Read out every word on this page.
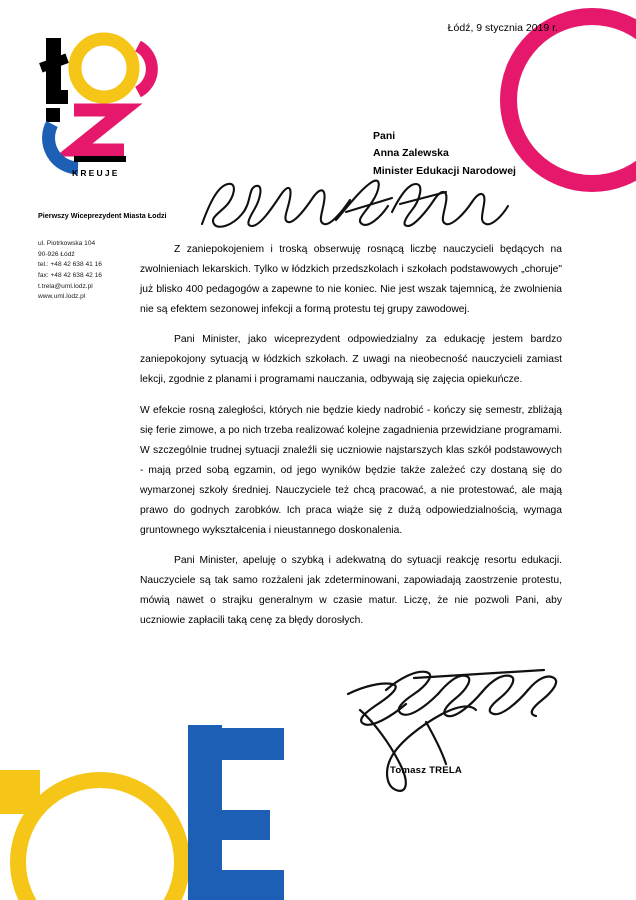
KREUJE
Łódź, 9 stycznia 2019 r.
Pierwszy Wiceprezydent Miasta Łodzi
ul. Piotrkowska 104
90-926 Łódź
tel.: +48 42 638 41 16
fax: +48 42 638 42 16
t.trela@uml.lodz.pl
www.uml.lodz.pl
Pani
Anna Zalewska
Minister Edukacji Narodowej

Z zaniepokojeniem i troską obserwuję rosnącą liczbę nauczycieli będących na zwolnieniach lekarskich. Tylko w łódzkich przedszkolach i szkołach podstawowych „choruje" już blisko 400 pedagogów a zapewne to nie koniec. Nie jest wszak tajemnicą, że zwolnienia nie są efektem sezonowej infekcji a formą protestu tej grupy zawodowej.

Pani Minister, jako wiceprezydent odpowiedzialny za edukację jestem bardzo zaniepokojony sytuacją w łódzkich szkołach. Z uwagi na nieobecność nauczycieli zamiast lekcji, zgodnie z planami i programami nauczania, odbywają się zajęcia opiekuńcze.

W efekcie rosną zaległości, których nie będzie kiedy nadrobić - kończy się semestr, zbliżają się ferie zimowe, a po nich trzeba realizować kolejne zagadnienia przewidziane programami. W szczególnie trudnej sytuacji znaleźli się uczniowie najstarszych klas szkół podstawowych - mają przed sobą egzamin, od jego wyników będzie także zależeć czy dostaną się do wymarzonej szkoły średniej. Nauczyciele też chcą pracować, a nie protestować, ale mają prawo do godnych zarobków. Ich praca wiąże się z dużą odpowiedzialnością, wymaga gruntownego wykształcenia i nieustannego doskonalenia.

Pani Minister, apeluję o szybką i adekwatną do sytuacji reakcję resortu edukacji. Nauczyciele są tak samo rozżaleni jak zdeterminowani, zapowiadają zaostrzenie protestu, mówią nawet o strajku generalnym w czasie matur. Liczę, że nie pozwoli Pani, aby uczniowie zapłacili taką cenę za błędy dorosłych.

Tomasz TRELA
